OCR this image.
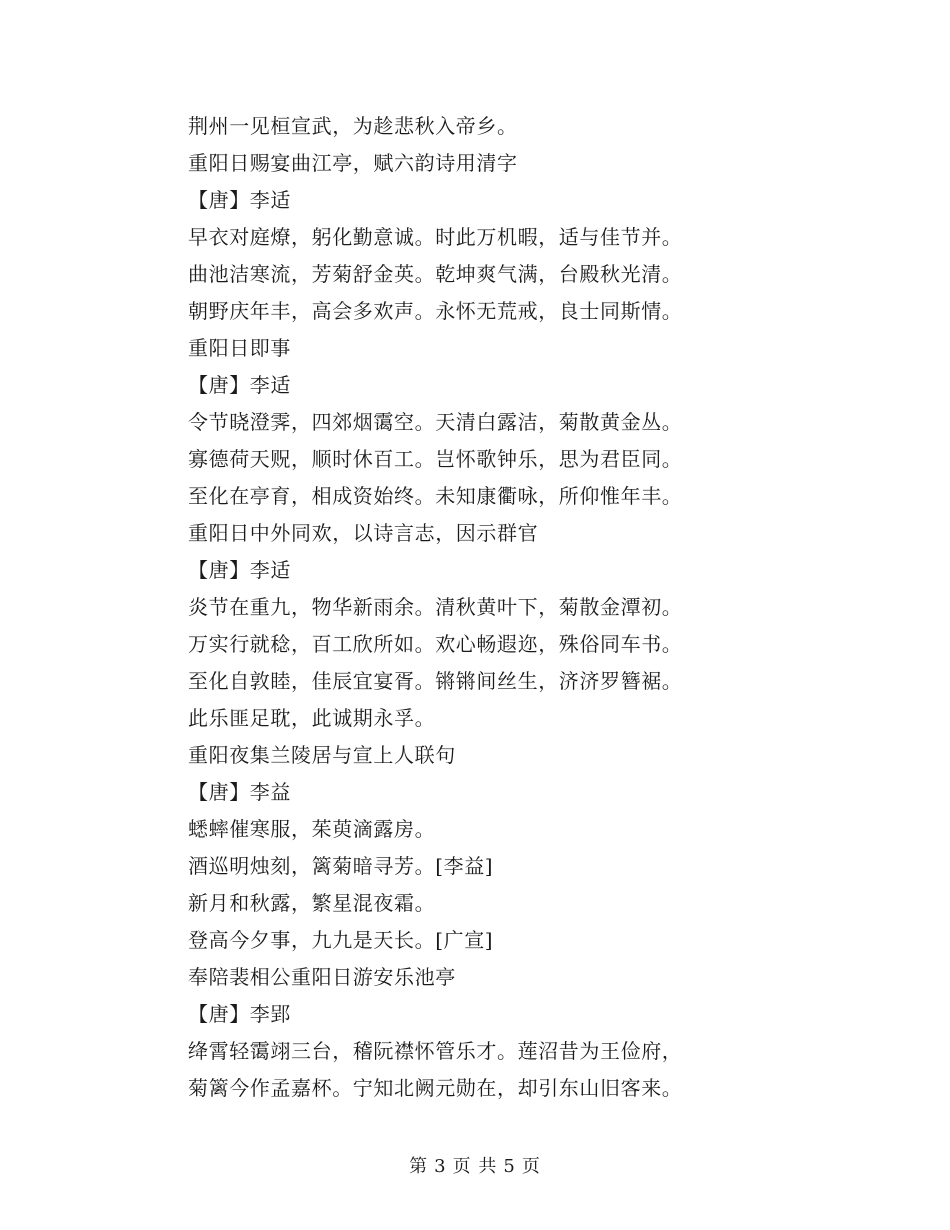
荆州一见桓宣武，为趁悲秋入帝乡。
重阳日赐宴曲江亭，赋六韵诗用清字
【唐】李适
早衣对庭燎，躬化勤意诚。时此万机暇，适与佳节并。
曲池洁寒流，芳菊舒金英。乾坤爽气满，台殿秋光清。
朝野庆年丰，高会多欢声。永怀无荒戒，良士同斯情。
重阳日即事
【唐】李适
令节晓澄霁，四郊烟霭空。天清白露洁，菊散黄金丛。
寡德荷天贶，顺时休百工。岂怀歌钟乐，思为君臣同。
至化在亭育，相成资始终。未知康衢咏，所仰惟年丰。
重阳日中外同欢，以诗言志，因示群官
【唐】李适
炎节在重九，物华新雨余。清秋黄叶下，菊散金潭初。
万实行就稔，百工欣所如。欢心畅遐迩，殊俗同车书。
至化自敦睦，佳辰宜宴胥。锵锵间丝生，济济罗簪裾。
此乐匪足耽，此诚期永孚。
重阳夜集兰陵居与宣上人联句
【唐】李益
蟋蟀催寒服，茱萸滴露房。
酒巡明烛刻，篱菊暗寻芳。[李益]
新月和秋露，繁星混夜霜。
登高今夕事，九九是天长。[广宣]
奉陪裴相公重阳日游安乐池亭
【唐】李郢
绛霄轻霭翊三台，稽阮襟怀管乐才。莲沼昔为王俭府，
菊篱今作孟嘉杯。宁知北阙元勋在，却引东山旧客来。
第 3 页 共 5 页
